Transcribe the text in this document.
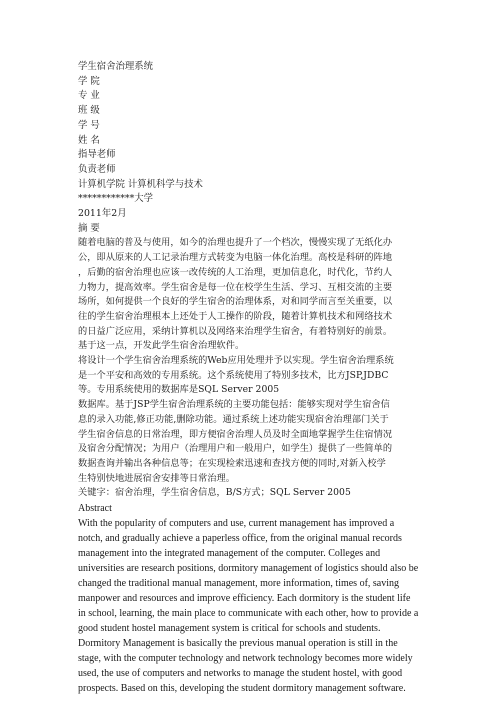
学生宿舍治理系统
学院
专业
班级
学号
姓名
指导老师
负责老师
计算机学院 计算机科学与技术
************大学
2011年2月
摘 要
随着电脑的普及与使用，如今的治理也提升了一个档次，慢慢实现了无纸化办
公，即从原来的人工记录治理方式转变为电脑一体化治理。高校是科研的阵地
，后勤的宿舍治理也应该一改传统的人工治理，更加信息化，时代化，节约人
力物力，提高效率。学生宿舍是每一位在校学生生活、学习、互相交流的主要
场所，如何提供一个良好的学生宿舍的治理体系，对和同学而言至关重要，以
往的学生宿舍治理根本上还处于人工操作的阶段，随着计算机技术和网络技术
的日益广泛应用，采纳计算机以及网络来治理学生宿舍，有着特别好的前景。
基于这一点，开发此学生宿舍治理软件。
将设计一个学生宿舍治理系统的Web应用处理并予以实现。学生宿舍治理系统
是一个平安和高效的专用系统。这个系统使用了特别多技术，比方JSP,JDBC
等。专用系统使用的数据库是SQL Server 2005
数据库。基于JSP学生宿舍治理系统的主要功能包括：能够实现对学生宿舍信
息的录入功能,修正功能,删除功能。通过系统上述功能实现宿舍治理部门关于
学生宿舍信息的日常治理，即方便宿舍治理人员及时全面地掌握学生住宿情况
及宿舍分配情况；为用户（治理用户和一般用户，如学生）提供了一些简单的
数据查询并输出各种信息等；在实现检索迅速和查找方便的同时,对新入校学
生特别快地进展宿舍安排等日常治理。
关键字：宿舍治理，学生宿舍信息，B/S方式；SQL Server 2005
Abstract
With the popularity of computers and use, current management has improved a
notch, and gradually achieve a paperless office, from the original manual records
management into the integrated management of the computer. Colleges and
universities are research positions, dormitory management of logistics should also be
changed the traditional manual management, more information, times of, saving
manpower and resources and improve efficiency. Each dormitory is the student life
in school, learning, the main place to communicate with each other, how to provide a
good student hostel management system is critical for schools and students.
Dormitory Management is basically the previous manual operation is still in the
stage, with the computer technology and network technology becomes more widely
used, the use of computers and networks to manage the student hostel, with good
prospects. Based on this, developing the student dormitory management software.
